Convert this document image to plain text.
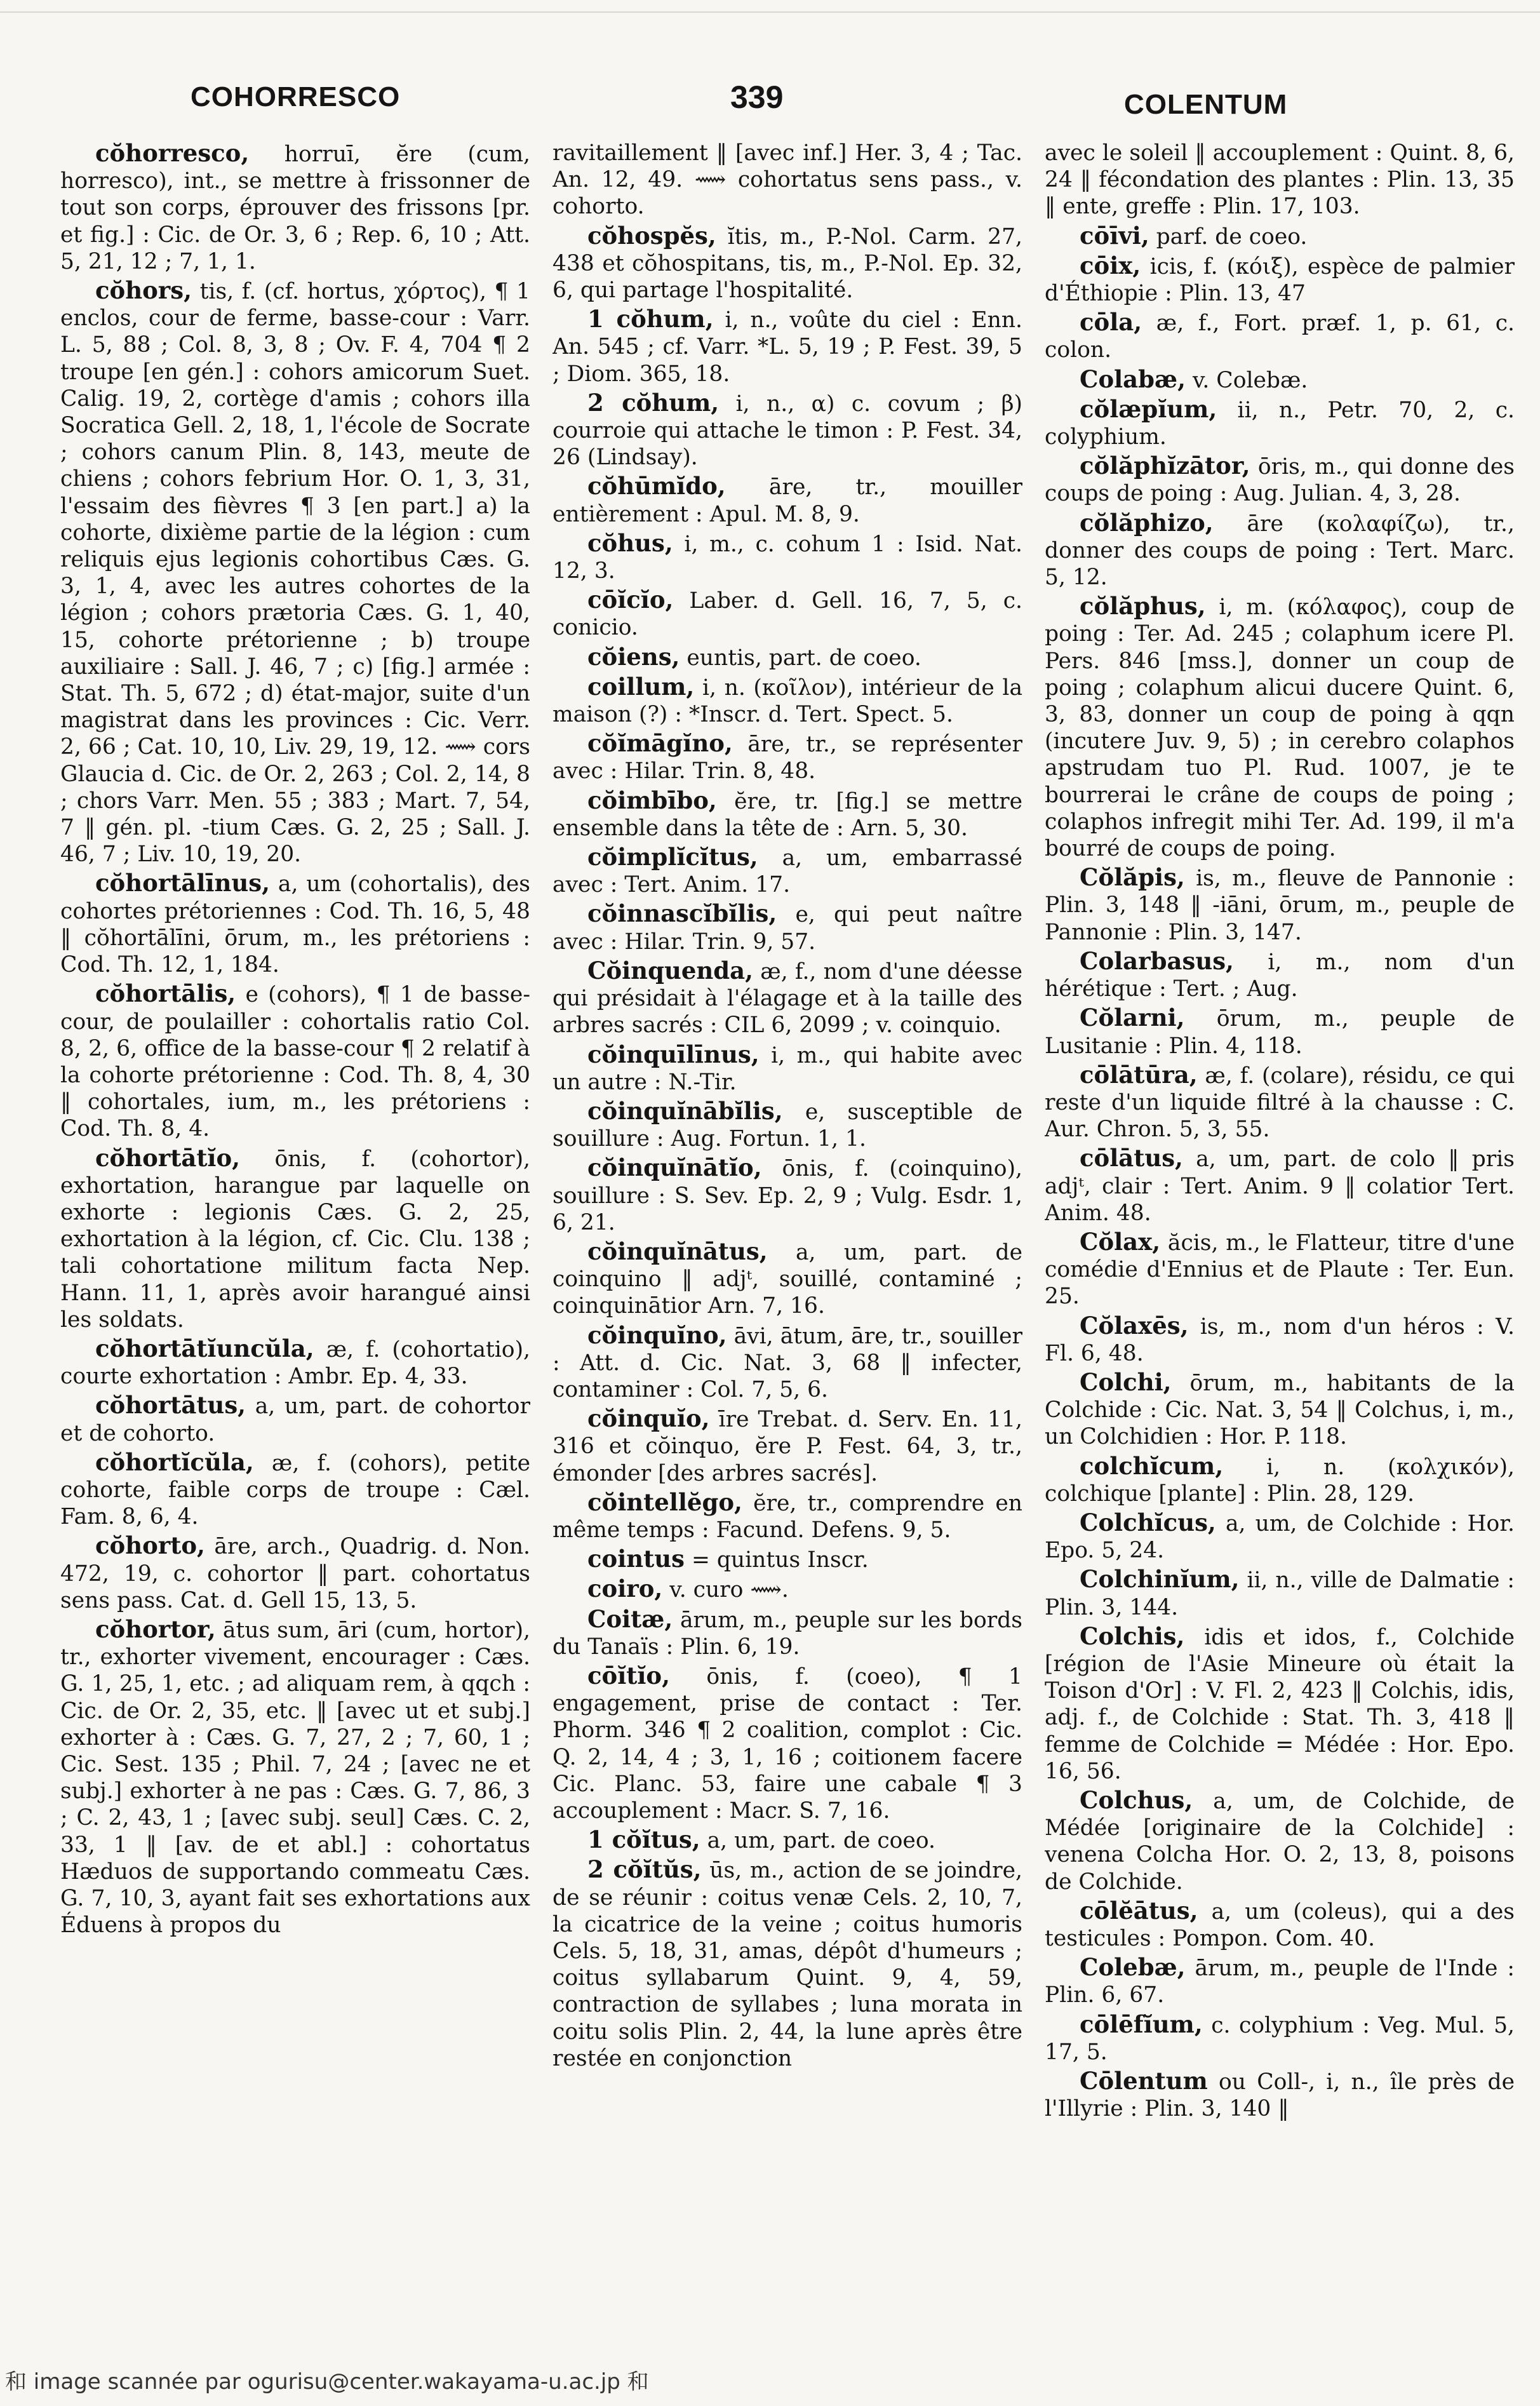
COHORRESCO	339	COLENTUM

cŏhorresco, horruī, ĕre (cum, horresco), int., se mettre à frissonner de tout son corps, éprouver des frissons [pr. et fig.] : Cic. de Or. 3, 6 ; Rep. 6, 10 ; Att. 5, 21, 12 ; 7, 1, 1.

cŏhors, tis, f. (cf. hortus, χόρτος), ¶ 1 enclos, cour de ferme, basse-cour : Varr. L. 5, 88 ; Col. 8, 3, 8 ; Ov. F. 4, 704 ¶ 2 troupe [en gén.] : cohors amicorum Suet. Calig. 19, 2, cortège d'amis ; cohors illa Socratica Gell. 2, 18, 1, l'école de Socrate ; cohors canum Plin. 8, 143, meute de chiens ; cohors febrium Hor. O. 1, 3, 31, l'essaim des fièvres ¶ 3 [en part.] a) la cohorte, dixième partie de la légion : cum reliquis ejus legionis cohortibus Cæs. G. 3, 1, 4, avec les autres cohortes de la légion ; cohors prætoria Cæs. G. 1, 40, 15, cohorte prétorienne ; b) troupe auxiliaire : Sall. J. 46, 7 ; c) [fig.] armée : Stat. Th. 5, 672 ; d) état-major, suite d'un magistrat dans les provinces : Cic. Verr. 2, 66 ; Cat. 10, 10, Liv. 29, 19, 12. ⟿ cors Glaucia d. Cic. de Or. 2, 263 ; Col. 2, 14, 8 ; chors Varr. Men. 55 ; 383 ; Mart. 7, 54, 7 ‖ gén. pl. -tium Cæs. G. 2, 25 ; Sall. J. 46, 7 ; Liv. 10, 19, 20.

cŏhortālīnus, a, um (cohortalis), des cohortes prétoriennes : Cod. Th. 16, 5, 48 ‖ cŏhortālīni, ōrum, m., les prétoriens : Cod. Th. 12, 1, 184.

cŏhortālis, e (cohors), ¶ 1 de basse-cour, de poulailler : cohortalis ratio Col. 8, 2, 6, office de la basse-cour ¶ 2 relatif à la cohorte prétorienne : Cod. Th. 8, 4, 30 ‖ cohortales, ium, m., les prétoriens : Cod. Th. 8, 4.

cŏhortātĭo, ōnis, f. (cohortor), exhortation, harangue par laquelle on exhorte : legionis Cæs. G. 2, 25, exhortation à la légion, cf. Cic. Clu. 138 ; tali cohortatione militum facta Nep. Hann. 11, 1, après avoir harangué ainsi les soldats.

cŏhortātĭuncŭla, æ, f. (cohortatio), courte exhortation : Ambr. Ep. 4, 33.

cŏhortātus, a, um, part. de cohortor et de cohorto.

cŏhortĭcŭla, æ, f. (cohors), petite cohorte, faible corps de troupe : Cæl. Fam. 8, 6, 4.

cŏhorto, āre, arch., Quadrig. d. Non. 472, 19, c. cohortor ‖ part. cohortatus sens pass. Cat. d. Gell 15, 13, 5.

cŏhortor, ātus sum, āri (cum, hortor), tr., exhorter vivement, encourager : Cæs. G. 1, 25, 1, etc. ; ad aliquam rem, à qqch : Cic. de Or. 2, 35, etc. ‖ [avec ut et subj.] exhorter à : Cæs. G. 7, 27, 2 ; 7, 60, 1 ; Cic. Sest. 135 ; Phil. 7, 24 ; [avec ne et subj.] exhorter à ne pas : Cæs. G. 7, 86, 3 ; C. 2, 43, 1 ; [avec subj. seul] Cæs. C. 2, 33, 1 ‖ [av. de et abl.] : cohortatus Hæduos de supportando commeatu Cæs. G. 7, 10, 3, ayant fait ses exhortations aux Éduens à propos du

ravitaillement ‖ [avec inf.] Her. 3, 4 ; Tac. An. 12, 49. ⟿ cohortatus sens pass., v. cohorto.

cŏhospĕs, ĭtis, m., P.-Nol. Carm. 27, 438 et cŏhospitans, tis, m., P.-Nol. Ep. 32, 6, qui partage l'hospitalité.

1 cŏhum, i, n., voûte du ciel : Enn. An. 545 ; cf. Varr. *L. 5, 19 ; P. Fest. 39, 5 ; Diom. 365, 18.

2 cŏhum, i, n., α) c. covum ; β) courroie qui attache le timon : P. Fest. 34, 26 (Lindsay).

cŏhūmĭdo, āre, tr., mouiller entièrement : Apul. M. 8, 9.

cŏhus, i, m., c. cohum 1 : Isid. Nat. 12, 3.

cōĭcĭo, Laber. d. Gell. 16, 7, 5, c. conicio.

cŏiens, euntis, part. de coeo.

coillum, i, n. (κοῖλον), intérieur de la maison (?) : *Inscr. d. Tert. Spect. 5.

cŏĭmāgĭno, āre, tr., se représenter avec : Hilar. Trin. 8, 48.

cŏimbībo, ĕre, tr. [fig.] se mettre ensemble dans la tête de : Arn. 5, 30.

cŏimplĭcĭtus, a, um, embarrassé avec : Tert. Anim. 17.

cŏinnascĭbĭlis, e, qui peut naître avec : Hilar. Trin. 9, 57.

Cŏinquenda, æ, f., nom d'une déesse qui présidait à l'élagage et à la taille des arbres sacrés : CIL 6, 2099 ; v. coinquio.

cŏinquīlīnus, i, m., qui habite avec un autre : N.-Tir.

cŏinquĭnābĭlis, e, susceptible de souillure : Aug. Fortun. 1, 1.

cŏinquĭnātĭo, ōnis, f. (coinquino), souillure : S. Sev. Ep. 2, 9 ; Vulg. Esdr. 1, 6, 21.

cŏinquĭnātus, a, um, part. de coinquino ‖ adjᵗ, souillé, contaminé ; coinquinātior Arn. 7, 16.

cŏinquĭno, āvi, ātum, āre, tr., souiller : Att. d. Cic. Nat. 3, 68 ‖ infecter, contaminer : Col. 7, 5, 6.

cŏinquĭo, īre Trebat. d. Serv. En. 11, 316 et cŏinquo, ĕre P. Fest. 64, 3, tr., émonder [des arbres sacrés].

cŏintellĕgo, ĕre, tr., comprendre en même temps : Facund. Defens. 9, 5.

cointus = quintus Inscr.

coiro, v. curo ⟿.

Coitæ, ārum, m., peuple sur les bords du Tanaïs : Plin. 6, 19.

cōĭtĭo, ōnis, f. (coeo), ¶ 1 engagement, prise de contact : Ter. Phorm. 346 ¶ 2 coalition, complot : Cic. Q. 2, 14, 4 ; 3, 1, 16 ; coitionem facere Cic. Planc. 53, faire une cabale ¶ 3 accouplement : Macr. S. 7, 16.

1 cŏĭtus, a, um, part. de coeo.

2 cŏĭtŭs, ūs, m., action de se joindre, de se réunir : coitus venæ Cels. 2, 10, 7, la cicatrice de la veine ; coitus humoris Cels. 5, 18, 31, amas, dépôt d'humeurs ; coitus syllabarum Quint. 9, 4, 59, contraction de syllabes ; luna morata in coitu solis Plin. 2, 44, la lune après être restée en conjonction

avec le soleil ‖ accouplement : Quint. 8, 6, 24 ‖ fécondation des plantes : Plin. 13, 35 ‖ ente, greffe : Plin. 17, 103.

cōīvi, parf. de coeo.

cōix, icis, f. (κόιξ), espèce de palmier d'Éthiopie : Plin. 13, 47

cōla, æ, f., Fort. præf. 1, p. 61, c. colon.

Colabæ, v. Colebæ.

cŏlæpĭum, ii, n., Petr. 70, 2, c. colyphium.

cŏlăphĭzātor, ōris, m., qui donne des coups de poing : Aug. Julian. 4, 3, 28.

cŏlăphizo, āre (κολαφίζω), tr., donner des coups de poing : Tert. Marc. 5, 12.

cŏlăphus, i, m. (κόλαφος), coup de poing : Ter. Ad. 245 ; colaphum icere Pl. Pers. 846 [mss.], donner un coup de poing ; colaphum alicui ducere Quint. 6, 3, 83, donner un coup de poing à qqn (incutere Juv. 9, 5) ; in cerebro colaphos apstrudam tuo Pl. Rud. 1007, je te bourrerai le crâne de coups de poing ; colaphos infregit mihi Ter. Ad. 199, il m'a bourré de coups de poing.

Cŏlăpis, is, m., fleuve de Pannonie : Plin. 3, 148 ‖ -iāni, ōrum, m., peuple de Pannonie : Plin. 3, 147.

Colarbasus, i, m., nom d'un hérétique : Tert. ; Aug.

Cŏlarni, ōrum, m., peuple de Lusitanie : Plin. 4, 118.

cōlātūra, æ, f. (colare), résidu, ce qui reste d'un liquide filtré à la chausse : C. Aur. Chron. 5, 3, 55.

cōlātus, a, um, part. de colo ‖ pris adjᵗ, clair : Tert. Anim. 9 ‖ colatior Tert. Anim. 48.

Cŏlax, ăcis, m., le Flatteur, titre d'une comédie d'Ennius et de Plaute : Ter. Eun. 25.

Cŏlaxēs, is, m., nom d'un héros : V. Fl. 6, 48.

Colchi, ōrum, m., habitants de la Colchide : Cic. Nat. 3, 54 ‖ Colchus, i, m., un Colchidien : Hor. P. 118.

colchĭcum, i, n. (κολχικόν), colchique [plante] : Plin. 28, 129.

Colchĭcus, a, um, de Colchide : Hor. Epo. 5, 24.

Colchinĭum, ii, n., ville de Dalmatie : Plin. 3, 144.

Colchis, idis et idos, f., Colchide [région de l'Asie Mineure où était la Toison d'Or] : V. Fl. 2, 423 ‖ Colchis, idis, adj. f., de Colchide : Stat. Th. 3, 418 ‖ femme de Colchide = Médée : Hor. Epo. 16, 56.

Colchus, a, um, de Colchide, de Médée [originaire de la Colchide] : venena Colcha Hor. O. 2, 13, 8, poisons de Colchide.

cōlĕātus, a, um (coleus), qui a des testicules : Pompon. Com. 40.

Colebæ, ārum, m., peuple de l'Inde : Plin. 6, 67.

cōlēfĭum, c. colyphium : Veg. Mul. 5, 17, 5.

Cōlentum ou Coll-, i, n., île près de l'Illyrie : Plin. 3, 140 ‖

和 image scannée par ogurisu@center.wakayama-u.ac.jp 和
